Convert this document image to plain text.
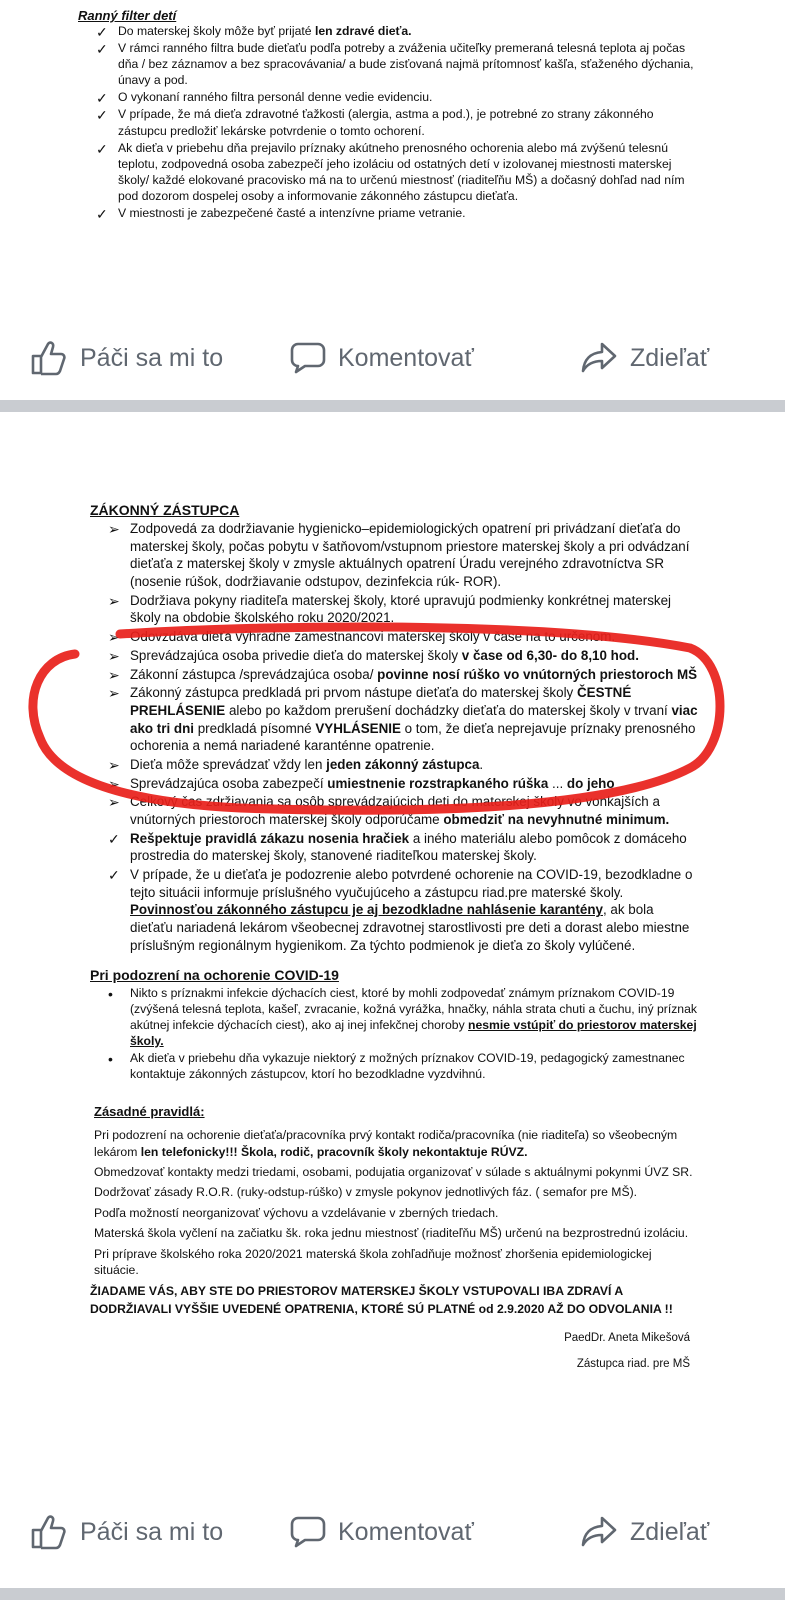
Ranný filter detí
✓ Do materskej školy môže byť prijaté len zdravé dieťa.
✓ V rámci ranného filtra bude dieťaťu podľa potreby a zváženia učiteľky premeraná telesná teplota aj počas dňa / bez záznamov a bez spracovávania/ a bude zisťovaná najmä prítomnosť kašľa, sťaženého dýchania, únavy a pod.
✓ O vykonaní ranného filtra personál denne vedie evidenciu.
✓ V prípade, že má dieťa zdravotné ťažkosti (alergia, astma a pod.), je potrebné zo strany zákonného zástupcu predložiť lekárske potvrdenie o tomto ochorení.
✓ Ak dieťa v priebehu dňa prejavilo príznaky akútneho prenosného ochorenia alebo má zvýšenú telesnú teplotu, zodpovedná osoba zabezpečí jeho izoláciu od ostatných detí v izolovanej miestnosti materskej školy/ každé elokované pracovisko má na to určenú miestnosť (riaditeľňu MŠ) a dočasný dohľad nad ním pod dozorom dospelej osoby a informovanie zákonného zástupcu dieťaťa.
✓ V miestnosti je zabezpečené časté a intenzívne priame vetranie.
Páči sa mi to	Komentovať	Zdieľať
ZÁKONNÝ ZÁSTUPCA
➢ Zodpovedá za dodržiavanie hygienicko–epidemiologických opatrení pri privádzaní dieťaťa do materskej školy, počas pobytu v šatňovom/vstupnom priestore materskej školy a pri odvádzaní dieťaťa z materskej školy v zmysle aktuálnych opatrení Úradu verejného zdravotníctva SR (nosenie rúšok, dodržiavanie odstupov, dezinfekcia rúk- ROR).
➢ Dodržiava pokyny riaditeľa materskej školy, ktoré upravujú podmienky konkrétnej materskej školy na obdobie školského roku 2020/2021.
➢ Odovzdáva dieťa výhradne zamestnancovi materskej školy v čase na to určenom.
➢ Sprevádzajúca osoba privedie dieťa do materskej školy v čase od 6,30- do 8,10 hod.
➢ Zákonní zástupca /sprevádzajúca osoba/ povinne nosí rúško vo vnútorných priestoroch MŠ
➢ Zákonný zástupca predkladá pri prvom nástupe dieťaťa do materskej školy ČESTNÉ PREHLÁSENIE alebo po každom prerušení dochádzky dieťaťa do materskej školy v trvaní viac ako tri dni predkladá písomné VYHLÁSENIE o tom, že dieťa neprejavuje príznaky prenosného ochorenia a nemá nariadené karanténne opatrenie.
➢ Dieťa môže sprevádzať vždy len jeden zákonný zástupca.
➢ Sprevádzajúca osoba zabezpečí umiestnenie rozstrapkaného rúška ... do jeho
➢ Celkový čas zdržiavania sa osôb sprevádzajúcich deti do materskej školy vo vonkajších a vnútorných priestoroch materskej školy odporúčame obmedziť na nevyhnutné minimum.
✓ Rešpektuje pravidlá zákazu nosenia hračiek a iného materiálu alebo pomôcok z domáceho prostredia do materskej školy, stanovené riaditeľkou materskej školy.
✓ V prípade, že u dieťaťa je podozrenie alebo potvrdené ochorenie na COVID-19, bezodkladne o tejto situácii informuje príslušného vyučujúceho a zástupcu riad.pre materské školy. Povinnosťou zákonného zástupcu je aj bezodkladne nahlásenie karantény, ak bola dieťaťu nariadená lekárom všeobecnej zdravotnej starostlivosti pre deti a dorast alebo miestne príslušným regionálnym hygienikom. Za týchto podmienok je dieťa zo školy vylúčené.
Pri podozrení na ochorenie COVID-19
• Nikto s príznakmi infekcie dýchacích ciest, ktoré by mohli zodpovedať známym príznakom COVID-19 (zvýšená telesná teplota, kašeľ, zvracanie, kožná vyrážka, hnačky, náhla strata chuti a čuchu, iný príznak akútnej infekcie dýchacích ciest), ako aj inej infekčnej choroby nesmie vstúpiť do priestorov materskej školy.
• Ak dieťa v priebehu dňa vykazuje niektorý z možných príznakov COVID-19, pedagogický zamestnanec kontaktuje zákonných zástupcov, ktorí ho bezodkladne vyzdvihnú.
Zásadné pravidlá:

Pri podozrení na ochorenie dieťaťa/pracovníka prvý kontakt rodiča/pracovníka (nie riaditeľa) so všeobecným lekárom len telefonicky!!! Škola, rodič, pracovník školy nekontaktuje RÚVZ.

Obmedzovať kontakty medzi triedami, osobami, podujatia organizovať v súlade s aktuálnymi pokynmi ÚVZ SR.

Dodržovať zásady R.O.R. (ruky-odstup-rúško) v zmysle pokynov jednotlivých fáz. ( semafor pre MŠ).

Podľa možností neorganizovať výchovu a vzdelávanie v zberných triedach.

Materská škola vyčlení na začiatku šk. roka jednu miestnosť (riaditeľňu MŠ) určenú na bezprostrednú izoláciu.

Pri príprave školského roka 2020/2021 materská škola zohľadňuje možnosť zhoršenia epidemiologickej situácie.

ŽIADAME VÁS, ABY STE DO PRIESTOROV MATERSKEJ ŠKOLY VSTUPOVALI IBA ZDRAVÍ A DODRŽIAVALI VYŠŠIE UVEDENÉ OPATRENIA, KTORÉ SÚ PLATNÉ od 2.9.2020 AŽ DO ODVOLANIA !!
PaedDr. Aneta Mikešová
Zástupca riad. pre MŠ
Páči sa mi to	Komentovať	Zdieľať
